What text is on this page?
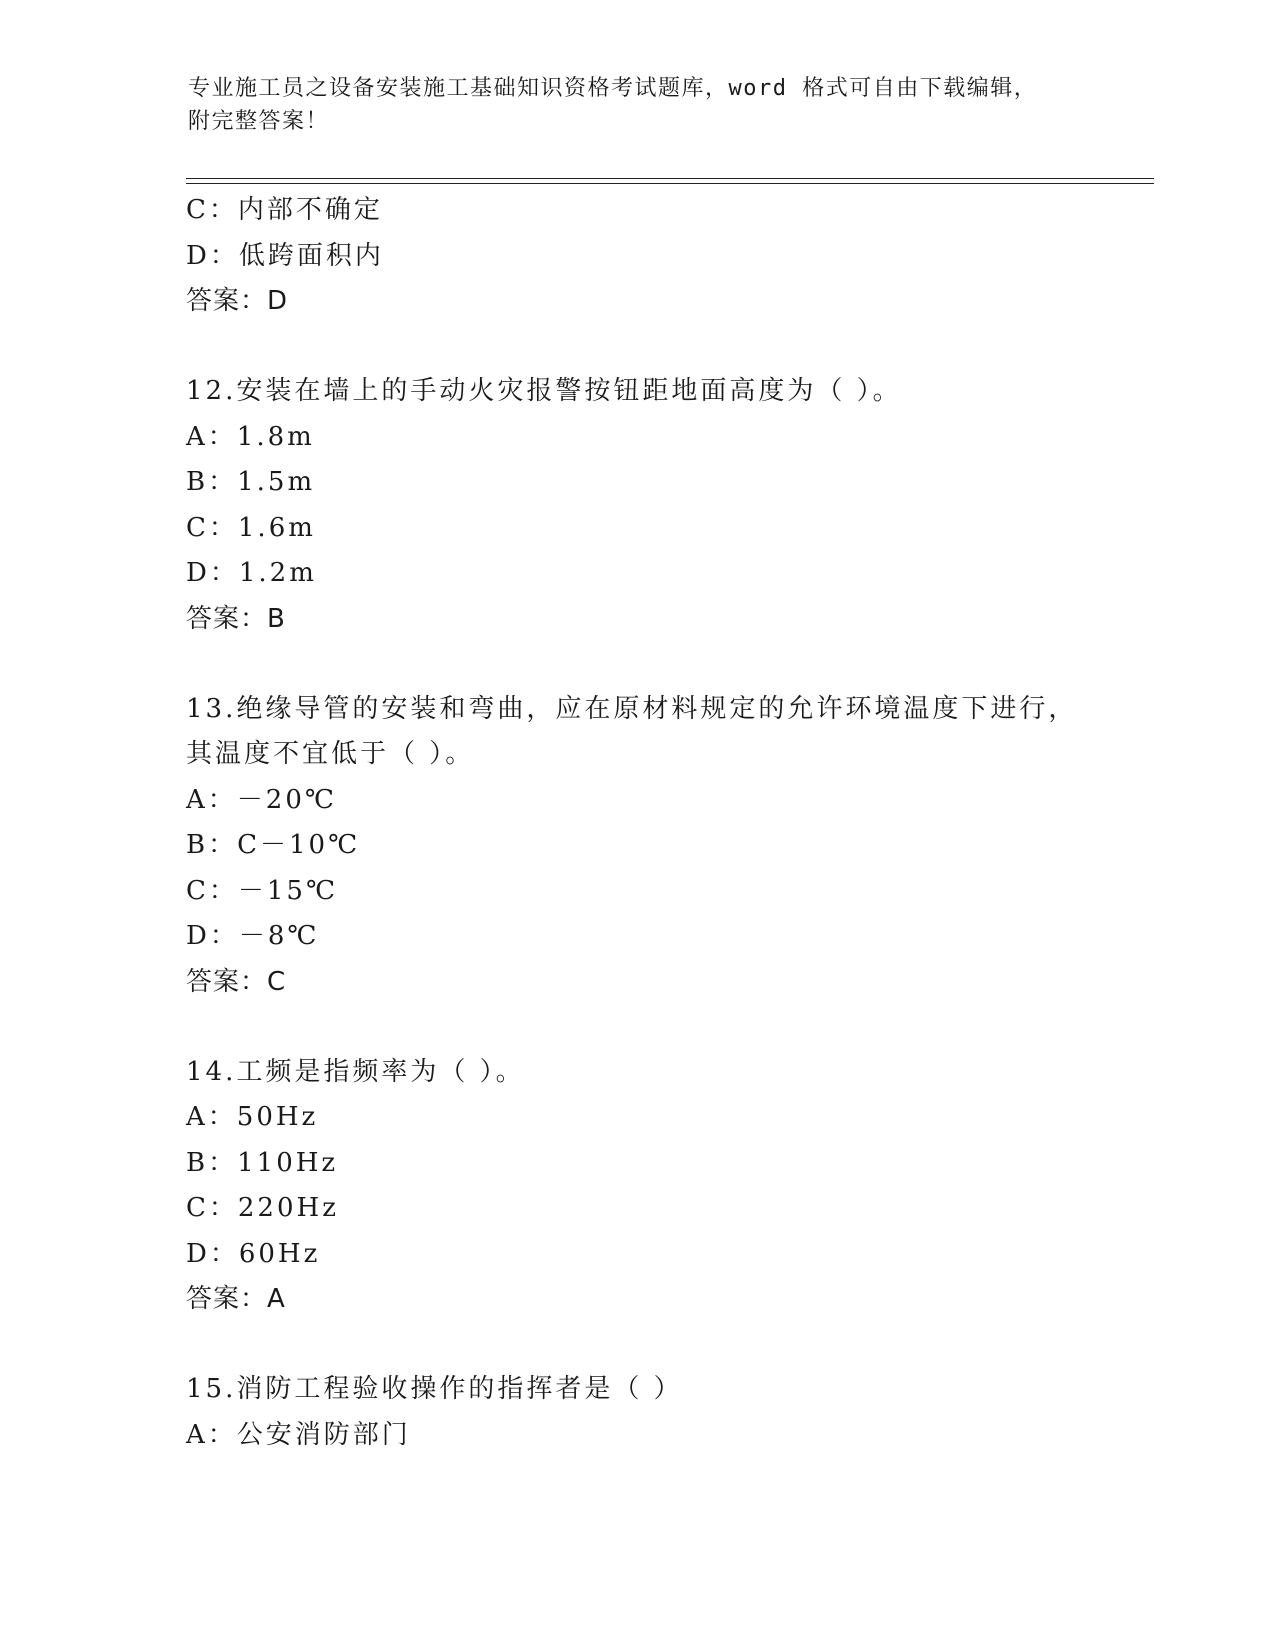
专业施工员之设备安装施工基础知识资格考试题库，word 格式可自由下载编辑，
附完整答案！
C：内部不确定
D：低跨面积内
答案：D
12.安装在墙上的手动火灾报警按钮距地面高度为（ ）。
A：1.8m
B：1.5m
C：1.6m
D：1.2m
答案：B
13.绝缘导管的安装和弯曲，应在原材料规定的允许环境温度下进行，
其温度不宜低于（ ）。
A：－20℃
B：C－10℃
C：－15℃
D：－8℃
答案：C
14.工频是指频率为（ ）。
A：50Hz
B：110Hz
C：220Hz
D：60Hz
答案：A
15.消防工程验收操作的指挥者是（ ）
A：公安消防部门
